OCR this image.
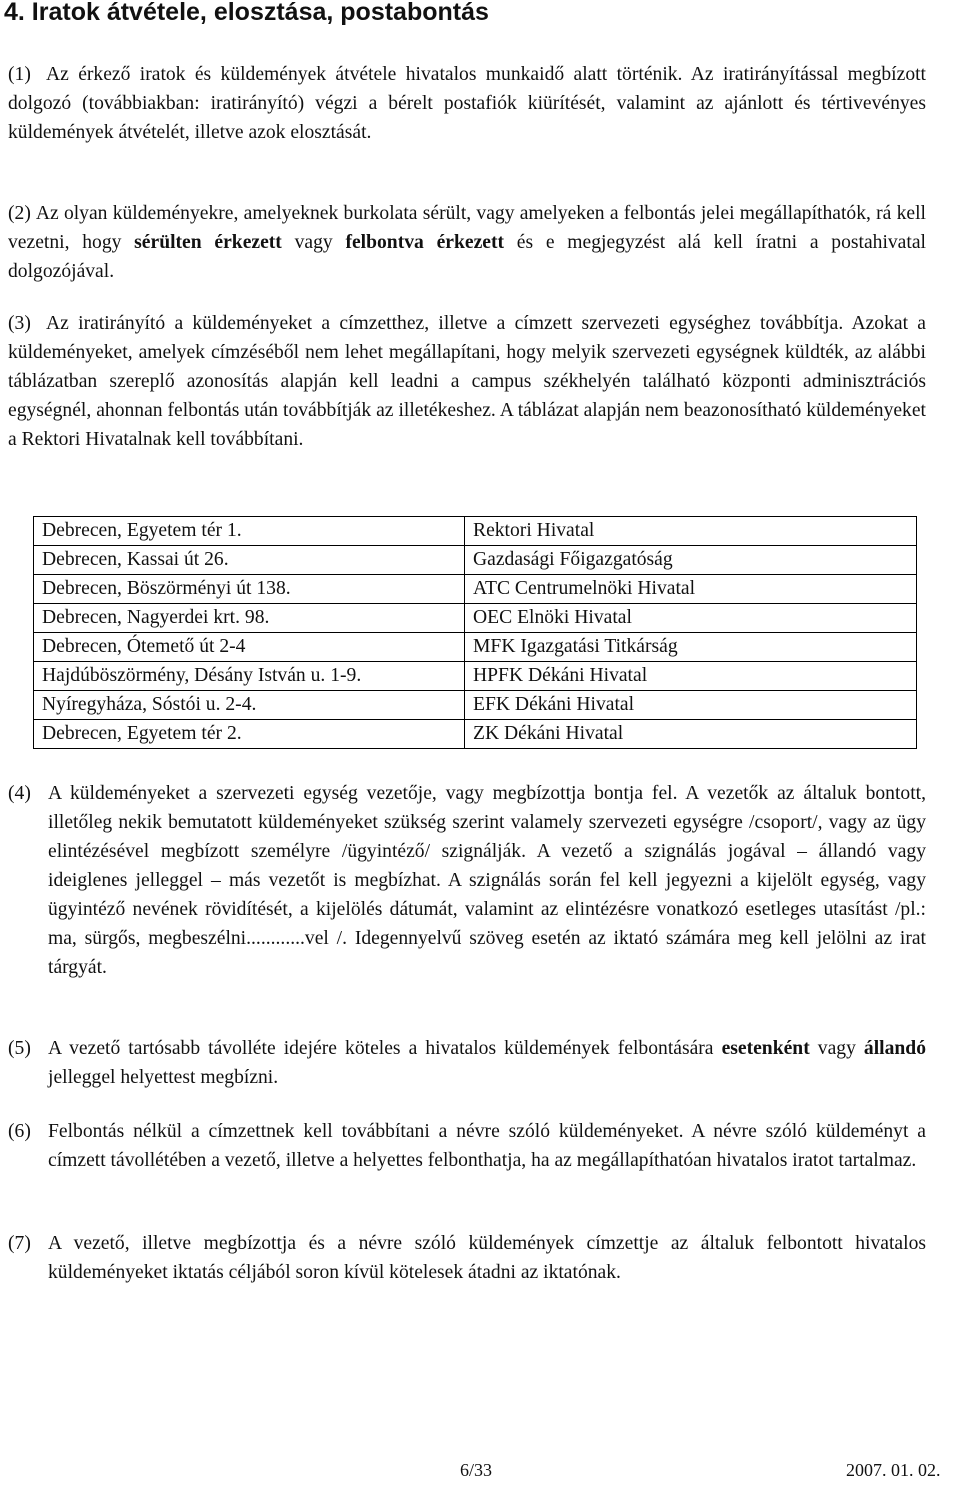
4. Iratok átvétele, elosztása, postabontás

(1) Az érkező iratok és küldemények átvétele hivatalos munkaidő alatt történik. Az iratirányítással megbízott dolgozó (továbbiakban: iratirányító) végzi a bérelt postafiók kiürítését, valamint az ajánlott és tértivevényes küldemények átvételét, illetve azok elosztását.

(2) Az olyan küldeményekre, amelyeknek burkolata sérült, vagy amelyeken a felbontás jelei megállapíthatók, rá kell vezetni, hogy sérülten érkezett vagy felbontva érkezett és e megjegyzést alá kell íratni a postahivatal dolgozójával.

(3) Az iratirányító a küldeményeket a címzetthez, illetve a címzett szervezeti egységhez továbbítja. Azokat a küldeményeket, amelyek címzéséből nem lehet megállapítani, hogy melyik szervezeti egységnek küldték, az alábbi táblázatban szereplő azonosítás alapján kell leadni a campus székhelyén található központi adminisztrációs egységnél, ahonnan felbontás után továbbítják az illetékeshez. A táblázat alapján nem beazonosítható küldeményeket a Rektori Hivatalnak kell továbbítani.

Debrecen, Egyetem tér 1.	Rektori Hivatal
Debrecen, Kassai út 26.	Gazdasági Főigazgatóság
Debrecen, Böszörményi út 138.	ATC Centrumelnöki Hivatal
Debrecen, Nagyerdei krt. 98.	OEC Elnöki Hivatal
Debrecen, Ótemető út 2-4	MFK Igazgatási Titkárság
Hajdúböszörmény, Désány István u. 1-9.	HPFK Dékáni Hivatal
Nyíregyháza, Sóstói u. 2-4.	EFK Dékáni Hivatal
Debrecen, Egyetem tér 2.	ZK Dékáni Hivatal
(4) A küldeményeket a szervezeti egység vezetője, vagy megbízottja bontja fel. A vezetők az általuk bontott, illetőleg nekik bemutatott küldeményeket szükség szerint valamely szervezeti egységre /csoport/, vagy az ügy elintézésével megbízott személyre /ügyintéző/ szignálják. A vezető a szignálás jogával – állandó vagy ideiglenes jelleggel – más vezetőt is megbízhat. A szignálás során fel kell jegyezni a kijelölt egység, vagy ügyintéző nevének rövidítését, a kijelölés dátumát, valamint az elintézésre vonatkozó esetleges utasítást /pl.: ma, sürgős, megbeszélni............vel /. Idegennyelvű szöveg esetén az iktató számára meg kell jelölni az irat tárgyát.
(5) A vezető tartósabb távolléte idejére köteles a hivatalos küldemények felbontására esetenként vagy állandó jelleggel helyettest megbízni.
(6) Felbontás nélkül a címzettnek kell továbbítani a névre szóló küldeményeket. A névre szóló küldeményt a címzett távollétében a vezető, illetve a helyettes felbonthatja, ha az megállapíthatóan hivatalos iratot tartalmaz.
(7) A vezető, illetve megbízottja és a névre szóló küldemények címzettje az általuk felbontott hivatalos küldeményeket iktatás céljából soron kívül kötelesek átadni az iktatónak.
6/33	2007. 01. 02.
